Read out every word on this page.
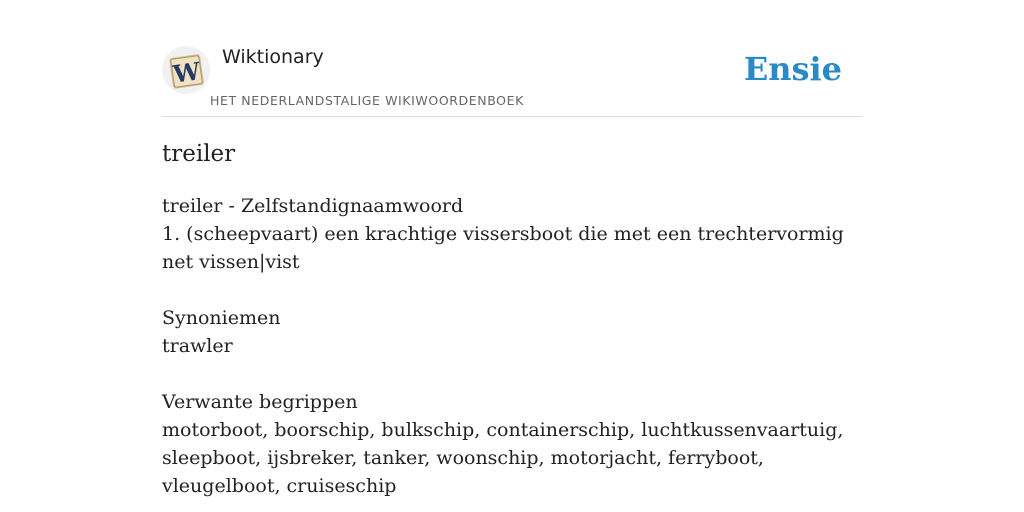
W Wiktionary
HET NEDERLANDSTALIGE WIKIWOORDENBOEK
Ensie
treiler

treiler - Zelfstandignaamwoord

1. (scheepvaart) een krachtige vissersboot die met een trechtervormig net vissen|vist

Synoniemen

trawler

Verwante begrippen

motorboot, boorschip, bulkschip, containerschip, luchtkussenvaartuig, sleepboot, ijsbreker, tanker, woonschip, motorjacht, ferryboot, vleugelboot, cruiseschip
